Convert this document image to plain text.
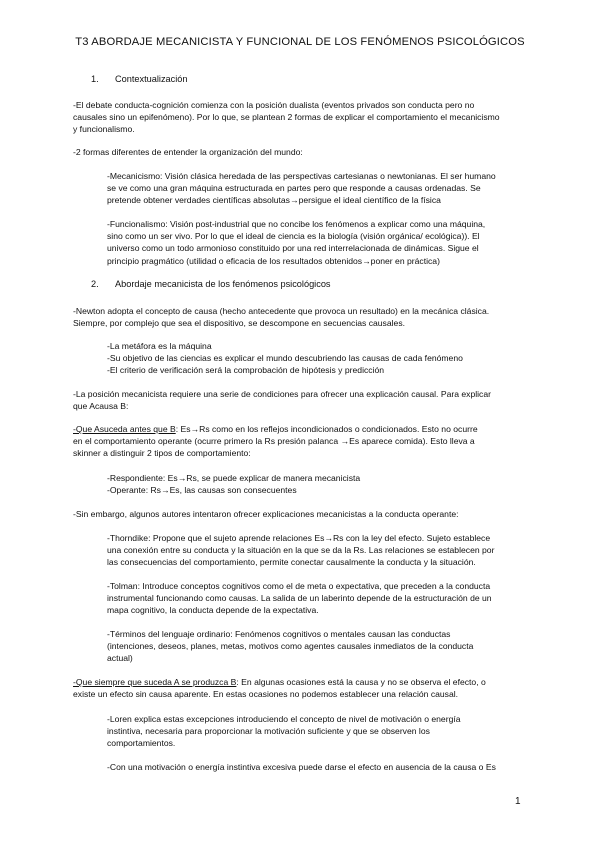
T3 ABORDAJE MECANICISTA Y FUNCIONAL DE LOS FENÓMENOS PSICOLÓGICOS
1. Contextualización
-El debate conducta-cognición comienza con la posición dualista (eventos privados son conducta pero no
causales sino un epifenómeno). Por lo que, se plantean 2 formas de explicar el comportamiento el mecanicismo
y funcionalismo.
-2 formas diferentes de entender la organización del mundo:
-Mecanicismo: Visión clásica heredada de las perspectivas cartesianas o newtonianas. El ser humano
se ve como una gran máquina estructurada en partes pero que responde a causas ordenadas. Se
pretende obtener verdades científicas absolutas→persigue el ideal científico de la física
-Funcionalismo: Visión post-industrial que no concibe los fenómenos a explicar como una máquina,
sino como un ser vivo. Por lo que el ideal de ciencia es la biología (visión orgánica/ ecológica)). El
universo como un todo armonioso constituido por una red interrelacionada de dinámicas. Sigue el
principio pragmático (utilidad o eficacia de los resultados obtenidos→poner en práctica)
2. Abordaje mecanicista de los fenómenos psicológicos
-Newton adopta el concepto de causa (hecho antecedente que provoca un resultado) en la mecánica clásica.
Siempre, por complejo que sea el dispositivo, se descompone en secuencias causales.
-La metáfora es la máquina
-Su objetivo de las ciencias es explicar el mundo descubriendo las causas de cada fenómeno
-El criterio de verificación será la comprobación de hipótesis y predicción
-La posición mecanicista requiere una serie de condiciones para ofrecer una explicación causal. Para explicar
que Acausa B:
-Que Asuceda antes que B: Es→Rs como en los reflejos incondicionados o condicionados. Esto no ocurre
en el comportamiento operante (ocurre primero la Rs presión palanca →Es aparece comida). Esto lleva a
skinner a distinguir 2 tipos de comportamiento:
-Respondiente: Es→Rs, se puede explicar de manera mecanicista
-Operante: Rs→Es, las causas son consecuentes
-Sin embargo, algunos autores intentaron ofrecer explicaciones mecanicistas a la conducta operante:
-Thorndike: Propone que el sujeto aprende relaciones Es→Rs con la ley del efecto. Sujeto establece
una conexión entre su conducta y la situación en la que se da la Rs. Las relaciones se establecen por
las consecuencias del comportamiento, permite conectar causalmente la conducta y la situación.
-Tolman: Introduce conceptos cognitivos como el de meta o expectativa, que preceden a la conducta
instrumental funcionando como causas. La salida de un laberinto depende de la estructuración de un
mapa cognitivo, la conducta depende de la expectativa.
-Términos del lenguaje ordinario: Fenómenos cognitivos o mentales causan las conductas
(intenciones, deseos, planes, metas, motivos como agentes causales inmediatos de la conducta
actual)
-Que siempre que suceda A se produzca B: En algunas ocasiones está la causa y no se observa el efecto, o
existe un efecto sin causa aparente. En estas ocasiones no podemos establecer una relación causal.
-Loren explica estas excepciones introduciendo el concepto de nivel de motivación o energía
instintiva, necesaria para proporcionar la motivación suficiente y que se observen los
comportamientos.
-Con una motivación o energía instintiva excesiva puede darse el efecto en ausencia de la causa o Es
1
